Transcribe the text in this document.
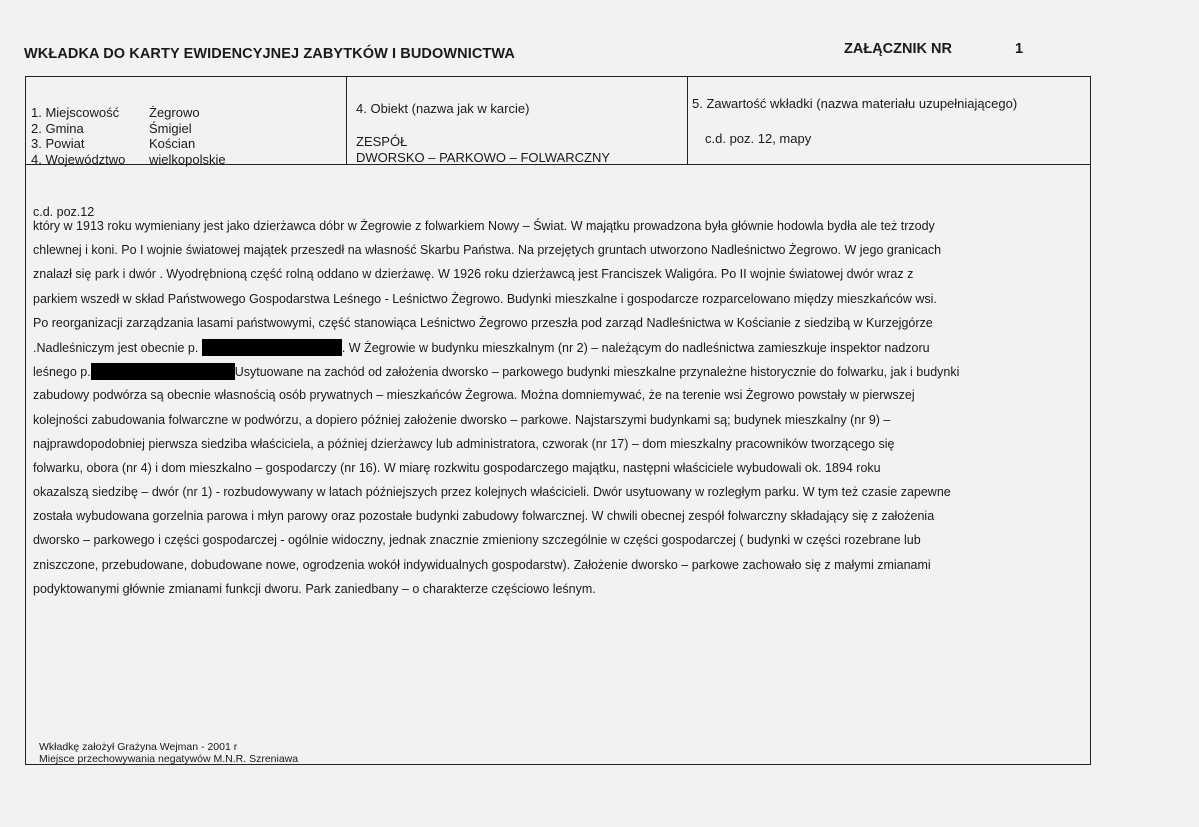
WKŁADKA DO KARTY EWIDENCYJNEJ ZABYTKÓW I BUDOWNICTWA	ZAŁĄCZNIK NR	1
1. Miejscowość Żegrowo
2. Gmina	Śmigiel
3. Powiat	Kościan
4. Województwo wielkopolskie
4. Obiekt (nazwa jak w karcie)
ZESPÓŁ
DWORSKO – PARKOWO – FOLWARCZNY
5. Zawartość wkładki (nazwa materiału uzupełniającego)
c.d. poz. 12, mapy
c.d. poz.12
który w 1913 roku wymieniany jest jako dzierżawca dóbr w Żegrowie z folwarkiem Nowy – Świat. W majątku prowadzona była głównie hodowla bydła ale też trzody
chlewnej i koni. Po I wojnie światowej majątek przeszedł na własność Skarbu Państwa. Na przejętych gruntach utworzono Nadleśnictwo Żegrowo. W jego granicach
znalazł się park i dwór . Wyodrębnioną część rolną oddano w dzierżawę. W 1926 roku dzierżawcą jest Franciszek Waligóra. Po II wojnie światowej dwór wraz z
parkiem wszedł w skład Państwowego Gospodarstwa Leśnego - Leśnictwo Żegrowo. Budynki mieszkalne i gospodarcze rozparcelowano między mieszkańców wsi.
Po reorganizacji zarządzania lasami państwowymi, część stanowiąca Leśnictwo Żegrowo przeszła pod zarząd Nadleśnictwa w Kościanie z siedzibą w Kurzejgórze
.Nadleśniczym jest obecnie p.	. W Żegrowie w budynku mieszkalnym (nr 2) – należącym do nadleśnictwa zamieszkuje inspektor nadzoru
leśnego p.	Usytuowane na zachód od założenia dworsko – parkowego budynki mieszkalne przynależne historycznie do folwarku, jak i budynki
zabudowy podwórza są obecnie własnością osób prywatnych – mieszkańców Żegrowa. Można domniemywać, że na terenie wsi Żegrowo powstały w pierwszej
kolejności zabudowania folwarczne w podwórzu, a dopiero później założenie dworsko – parkowe. Najstarszymi budynkami są; budynek mieszkalny (nr 9) –
najprawdopodobniej pierwsza siedziba właściciela, a później dzierżawcy lub administratora, czworak (nr 17) – dom mieszkalny pracowników tworzącego się
folwarku, obora (nr 4) i dom mieszkalno – gospodarczy (nr 16). W miarę rozkwitu gospodarczego majątku, następni właściciele wybudowali ok. 1894 roku
okazalszą siedzibę – dwór (nr 1) - rozbudowywany w latach późniejszych przez kolejnych właścicieli. Dwór usytuowany w rozległym parku. W tym też czasie zapewne
została wybudowana gorzelnia parowa i młyn parowy oraz pozostałe budynki zabudowy folwarcznej. W chwili obecnej zespół folwarczny składający się z założenia
dworsko – parkowego i części gospodarczej - ogólnie widoczny, jednak znacznie zmieniony szczególnie w części gospodarczej ( budynki w części rozebrane lub
zniszczone, przebudowane, dobudowane nowe, ogrodzenia wokół indywidualnych gospodarstw). Założenie dworsko – parkowe zachowało się z małymi zmianami
podyktowanymi głównie zmianami funkcji dworu. Park zaniedbany – o charakterze częściowo leśnym.
Wkładkę założył Grażyna Wejman - 2001 r
Miejsce przechowywania negatywów M.N.R. Szreniawa
